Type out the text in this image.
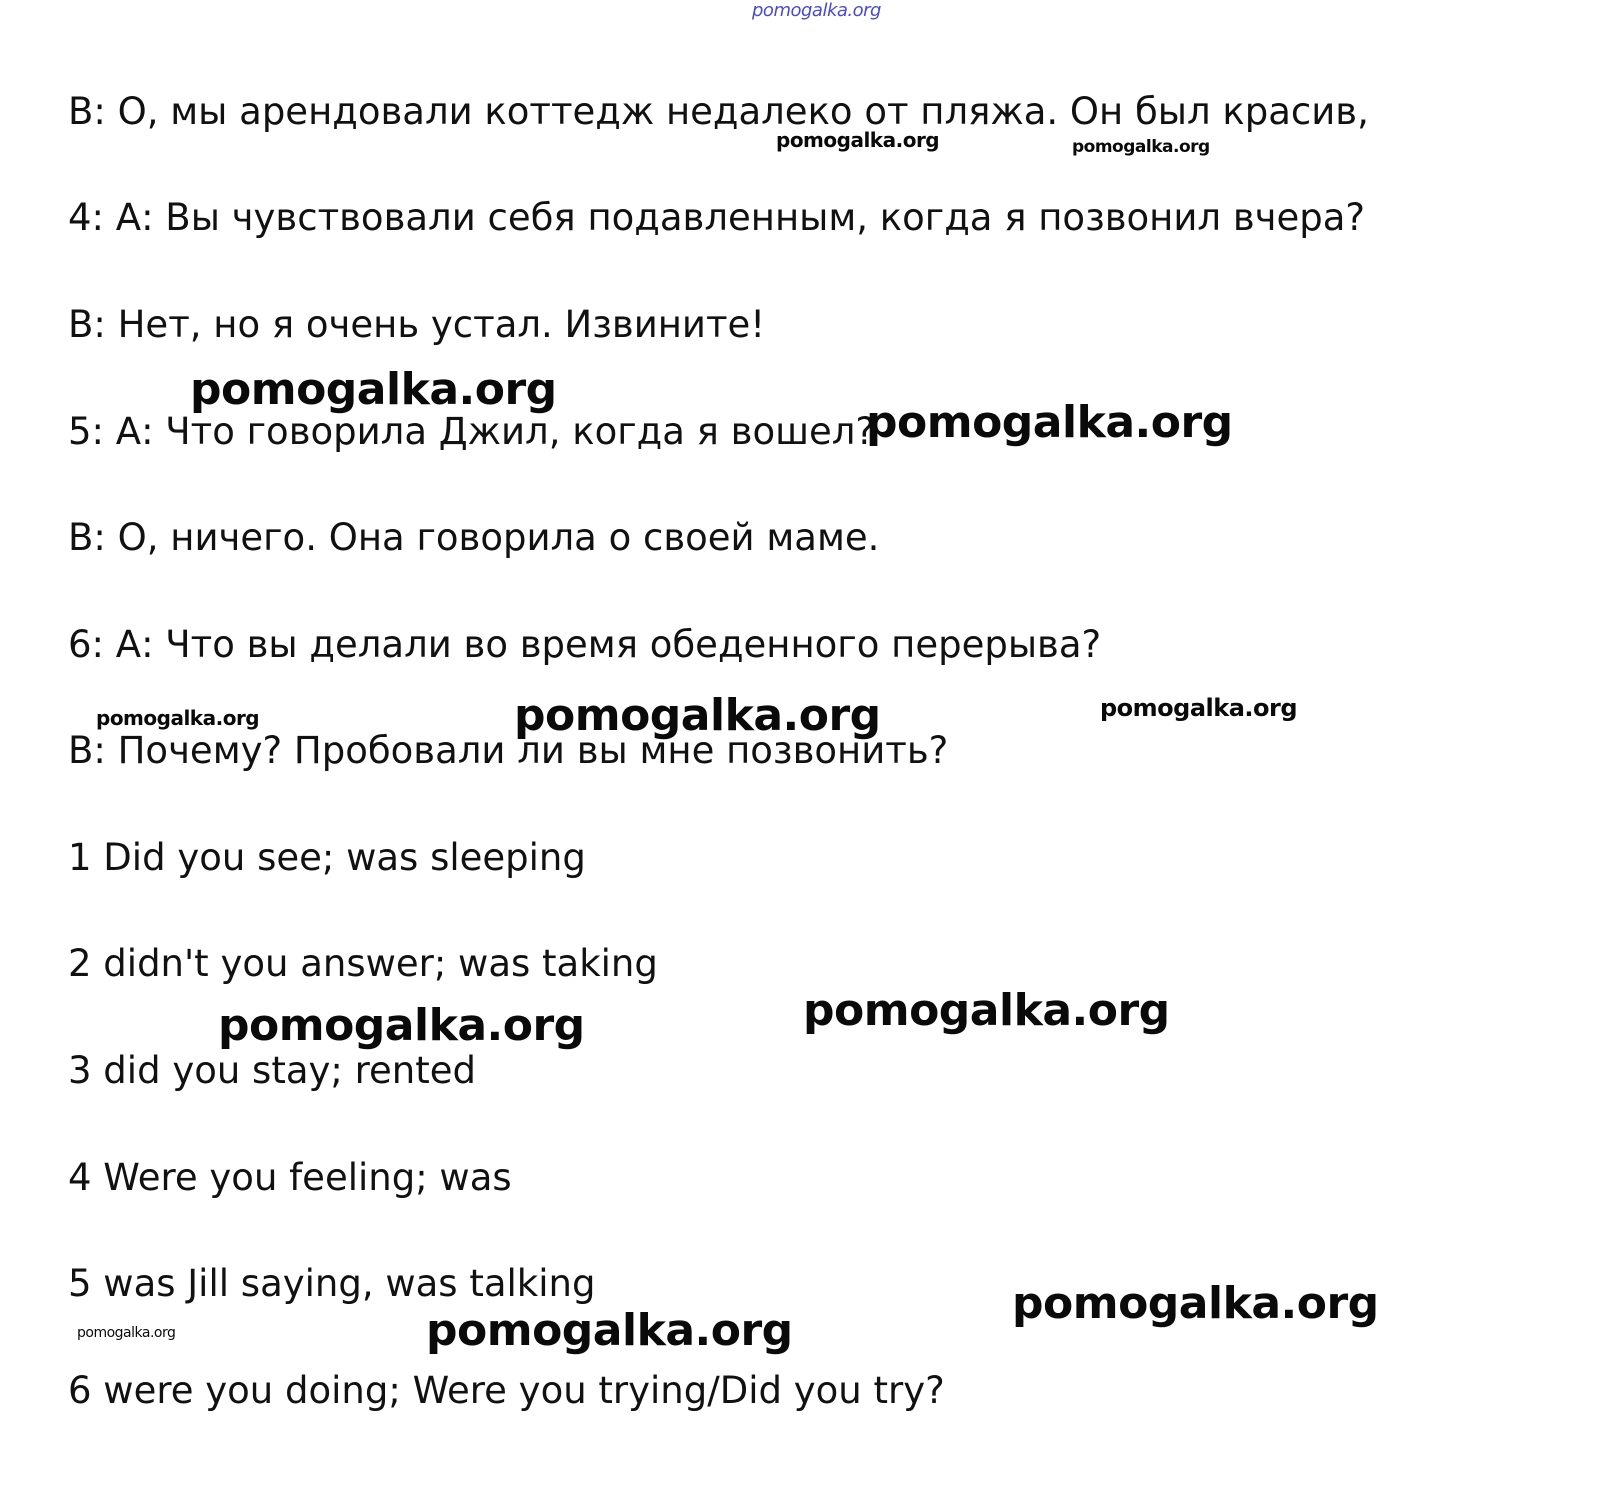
pomogalka.org
B: О, мы арендовали коттедж недалеко от пляжа. Он был красив,
4: А: Вы чувствовали себя подавленным, когда я позвонил вчера?
B: Нет, но я очень устал. Извините!
5: А: Что говорила Джил, когда я вошел?
B: О, ничего. Она говорила о своей маме.
6: А: Что вы делали во время обеденного перерыва?
B: Почему? Пробовали ли вы мне позвонить?
1 Did you see; was sleeping
2 didn't you answer; was taking
3 did you stay; rented
4 Were you feeling; was
5 was Jill saying, was talking
6 were you doing; Were you trying/Did you try?
pomogalka.org	pomogalka.org
pomogalka.org
pomogalka.org
pomogalka.org	pomogalka.org	pomogalka.org
pomogalka.org
pomogalka.org
pomogalka.org
pomogalka.org	pomogalka.org
